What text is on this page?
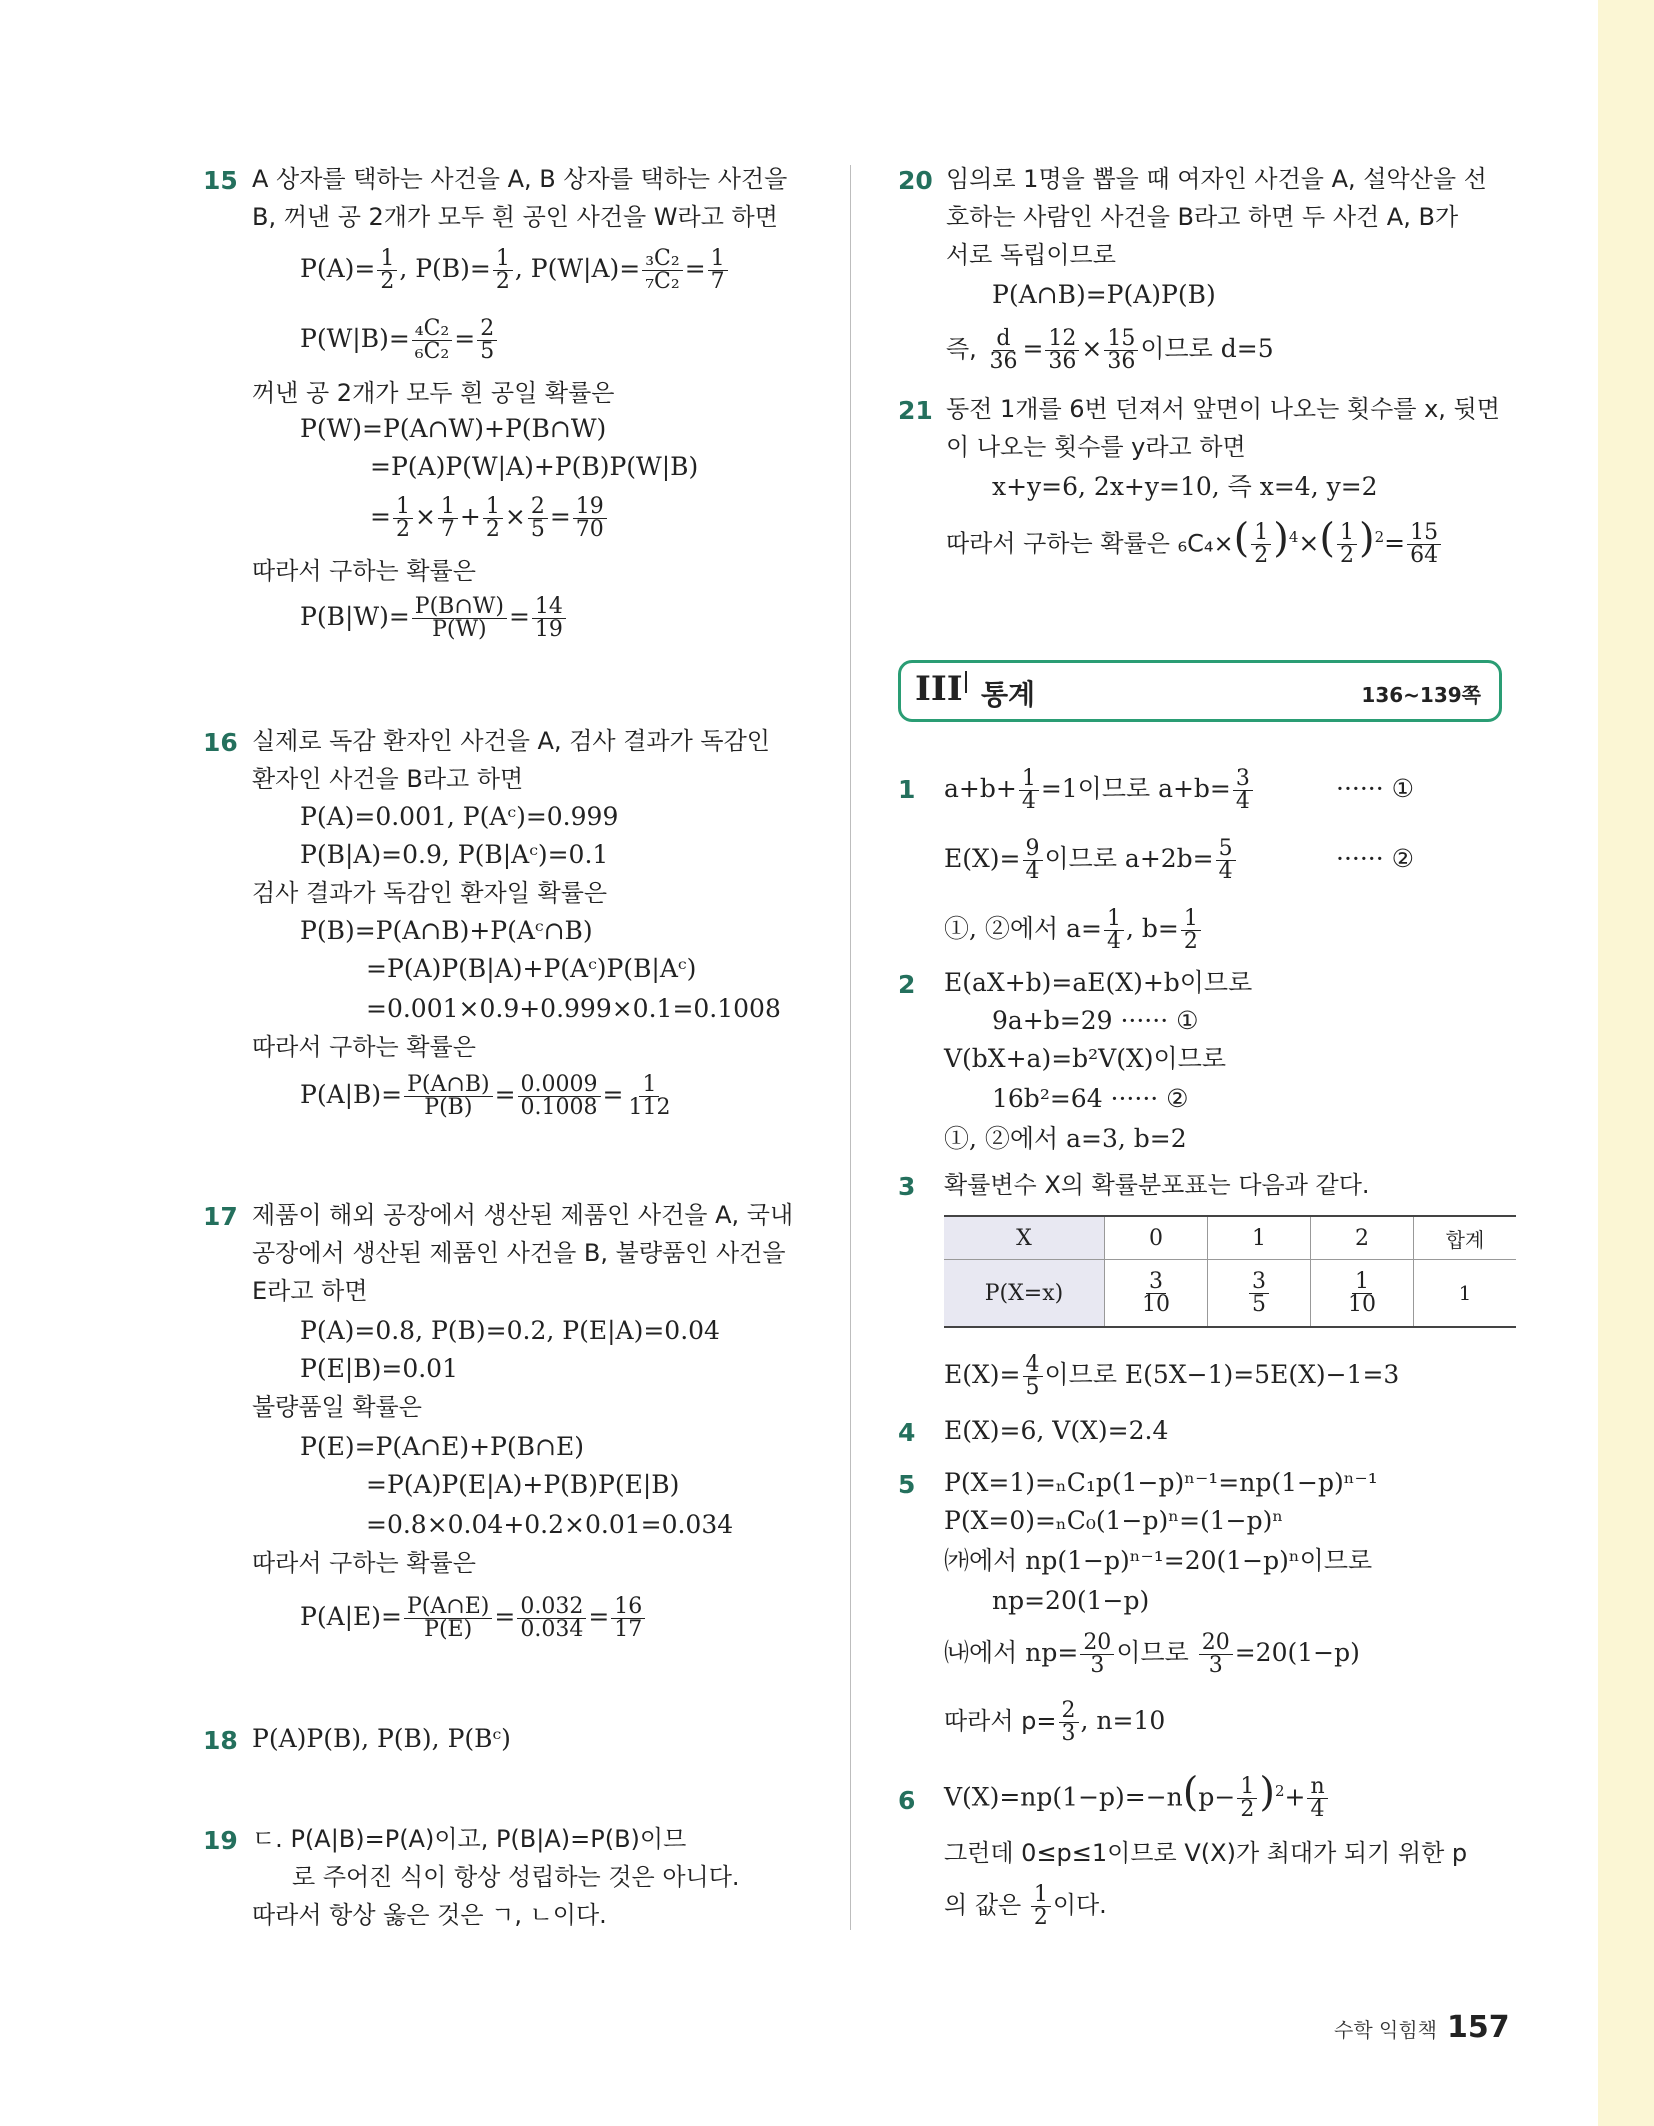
15 A 상자를 택하는 사건을 A, B 상자를 택하는 사건을
B, 꺼낸 공 2개가 모두 흰 공인 사건을 W라고 하면
$P(A)= \frac{1}{2}$ , $P(B)= \frac{1}{2}$ , $P(W|A)= \frac{\text{₃C₂}}{\text{₇C₂}} = \frac{1}{7}$
$P(W|B)= \frac{\text{₄C₂}}{\text{₆C₂}} = \frac{2}{5}$
꺼낸 공 2개가 모두 흰 공일 확률은
P(W)=P(A∩W)+P(B∩W)
=P(A)P(W|A)+P(B)P(W|B)
= $\frac{1}{2} \times \frac{1}{7} + \frac{1}{2} \times \frac{2}{5} = \frac{19}{70}$
따라서 구하는 확률은
$P(B|W)= \frac{P(B\cap W)}{P(W)} = \frac{14}{19}$
16 실제로 독감 환자인 사건을 A, 검사 결과가 독감인
환자인 사건을 B라고 하면
P(A)=0.001, P(Aᶜ)=0.999
P(B|A)=0.9, P(B|Aᶜ)=0.1
검사 결과가 독감인 환자일 확률은
P(B)=P(A∩B)+P(Aᶜ∩B)
=P(A)P(B|A)+P(Aᶜ)P(B|Aᶜ)
=0.001×0.9+0.999×0.1=0.1008
따라서 구하는 확률은
$P(A|B)= \frac{P(A\cap B)}{P(B)} = \frac{0.0009}{0.1008} = \frac{1}{112}$
17 제품이 해외 공장에서 생산된 제품인 사건을 A, 국내
공장에서 생산된 제품인 사건을 B, 불량품인 사건을
E라고 하면
P(A)=0.8, P(B)=0.2, P(E|A)=0.04
P(E|B)=0.01
불량품일 확률은
P(E)=P(A∩E)+P(B∩E)
=P(A)P(E|A)+P(B)P(E|B)
=0.8×0.04+0.2×0.01=0.034
따라서 구하는 확률은
$P(A|E)= \frac{P(A\cap E)}{P(E)} = \frac{0.032}{0.034} = \frac{16}{17}$
18 P(A)P(B), P(B), P(Bᶜ)
19 ㄷ. P(A|B)=P(A)이고, P(B|A)=P(B)이므
로 주어진 식이 항상 성립하는 것은 아니다.
따라서 항상 옳은 것은 ㄱ, ㄴ이다.
20 임의로 1명을 뽑을 때 여자인 사건을 A, 설악산을 선
호하는 사람인 사건을 B라고 하면 두 사건 A, B가
서로 독립이므로
P(A∩B)=P(A)P(B)
즉, $\frac{d}{36} = \frac{12}{36} \times \frac{15}{36}$ 이므로 d=5
21 동전 1개를 6번 던져서 앞면이 나오는 횟수를 x, 뒷면
이 나오는 횟수를 y라고 하면
x+y=6, 2x+y=10, 즉 x=4, y=2
따라서 구하는 확률은 $_6C_4\times( \frac{1}{2} )^4\times( \frac{1}{2} )^2= \frac{15}{64}$
III 통계	136~139쪽
1 $a+b+ \frac{1}{4} =1$이므로 $a+b= \frac{3}{4}$	······ ①
$E(X)= \frac{9}{4}$ 이므로 $a+2b= \frac{5}{4}$	······ ②
①, ②에서 $a= \frac{1}{4}$ , $b= \frac{1}{2}$
2 E(aX+b)=aE(X)+b이므로
9a+b=29 ······ ①
V(bX+a)=b²V(X)이므로
16b²=64 ······ ②
①, ②에서 a=3, b=2
3 확률변수 X의 확률분포표는 다음과 같다.
X	0	1	2	합계
P(X=x)	$\frac{3}{10}$	$\frac{3}{5}$	$\frac{1}{10}$	1
$E(X)= \frac{4}{5}$ 이므로 E(5X−1)=5E(X)−1=3
4 E(X)=6, V(X)=2.4
5 P(X=1)=ₙC₁p(1−p)ⁿ⁻¹=np(1−p)ⁿ⁻¹
P(X=0)=ₙC₀(1−p)ⁿ=(1−p)ⁿ
㈎에서 np(1−p)ⁿ⁻¹=20(1−p)ⁿ이므로
np=20(1−p)
㈏에서 $np= \frac{20}{3}$ 이므로 $\frac{20}{3} =20(1-p)$
따라서 $p= \frac{2}{3}$ , n=10
6 $V(X)=np(1-p)=-n(p- \frac{1}{2} )^2+ \frac{n}{4}$
그런데 0≤p≤1이므로 V(X)가 최대가 되기 위한 p
의 값은 $\frac{1}{2}$ 이다.
수학 익힘책 157
